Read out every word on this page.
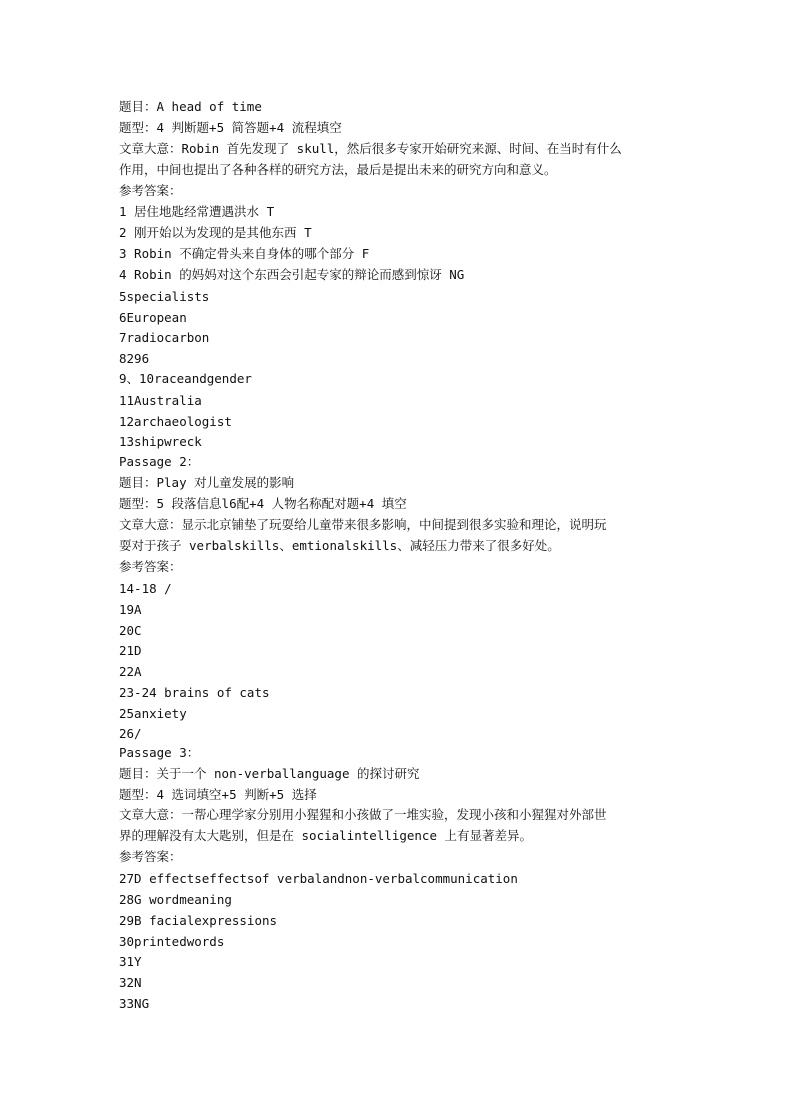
题目：A head of time

题型：4 判断题+5 简答题+4 流程填空

文章大意：Robin 首先发现了 skull，然后很多专家开始研究来源、时间、在当时有什么

作用，中间也提出了各种各样的研究方法，最后是提出未来的研究方向和意义。

参考答案：

1 居住地匙经常遭遇洪水 T

2 刚开始以为发现的是其他东西 T

3 Robin 不确定骨头来自身体的哪个部分 F

4 Robin 的妈妈对这个东西会引起专家的辩论而感到惊讶 NG

5specialists

6European

7radiocarbon

8296

9、10raceandgender

11Australia

12archaeologist

13shipwreck

Passage 2：

题目：Play 对儿童发展的影响

题型：5 段落信息l6配+4 人物名称配对题+4 填空

文章大意：显示北京铺垫了玩耍给儿童带来很多影响，中间提到很多实验和理论，说明玩

耍对于孩子 verbalskills、emtionalskills、减轻压力带来了很多好处。

参考答案：

14-18 /

19A

20C

21D

22A

23-24 brains of cats

25anxiety

26/

Passage 3：

题目：关于一个 non-verballanguage 的探讨研究

题型：4 选词填空+5 判断+5 选择

文章大意：一帮心理学家分别用小猩猩和小孩做了一堆实验，发现小孩和小猩猩对外部世

界的理解没有太大匙别，但是在 socialintelligence 上有显著差异。

参考答案：

27D effectseffectsof verbalandnon-verbalcommunication

28G wordmeaning

29B facialexpressions

30printedwords

31Y

32N

33NG
